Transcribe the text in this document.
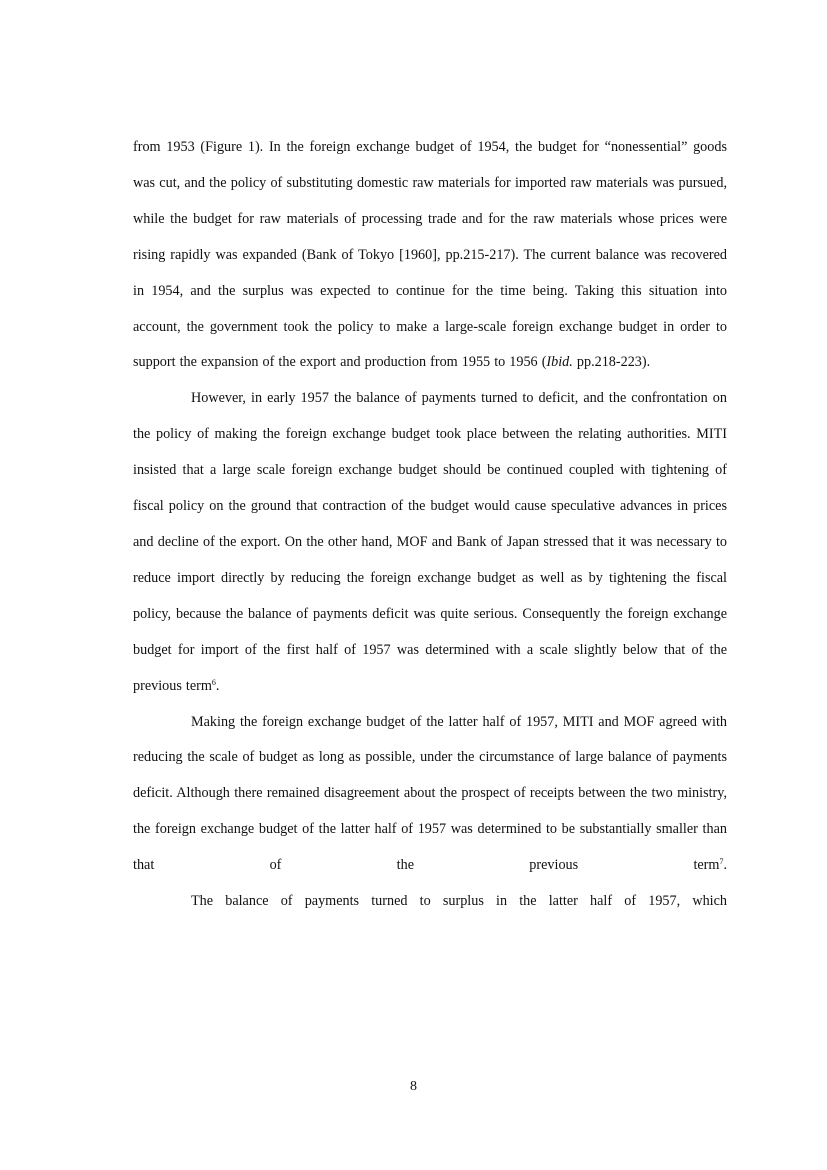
from 1953 (Figure 1). In the foreign exchange budget of 1954, the budget for “nonessential” goods was cut, and the policy of substituting domestic raw materials for imported raw materials was pursued, while the budget for raw materials of processing trade and for the raw materials whose prices were rising rapidly was expanded (Bank of Tokyo [1960], pp.215-217). The current balance was recovered in 1954, and the surplus was expected to continue for the time being. Taking this situation into account, the government took the policy to make a large-scale foreign exchange budget in order to support the expansion of the export and production from 1955 to 1956 (Ibid. pp.218-223).

However, in early 1957 the balance of payments turned to deficit, and the confrontation on the policy of making the foreign exchange budget took place between the relating authorities. MITI insisted that a large scale foreign exchange budget should be continued coupled with tightening of fiscal policy on the ground that contraction of the budget would cause speculative advances in prices and decline of the export. On the other hand, MOF and Bank of Japan stressed that it was necessary to reduce import directly by reducing the foreign exchange budget as well as by tightening the fiscal policy, because the balance of payments deficit was quite serious. Consequently the foreign exchange budget for import of the first half of 1957 was determined with a scale slightly below that of the previous term$^6$.

Making the foreign exchange budget of the latter half of 1957, MITI and MOF agreed with reducing the scale of budget as long as possible, under the circumstance of large balance of payments deficit. Although there remained disagreement about the prospect of receipts between the two ministry, the foreign exchange budget of the latter half of 1957 was determined to be substantially smaller than that of the previous term$^7$.

The balance of payments turned to surplus in the latter half of 1957, which

8
